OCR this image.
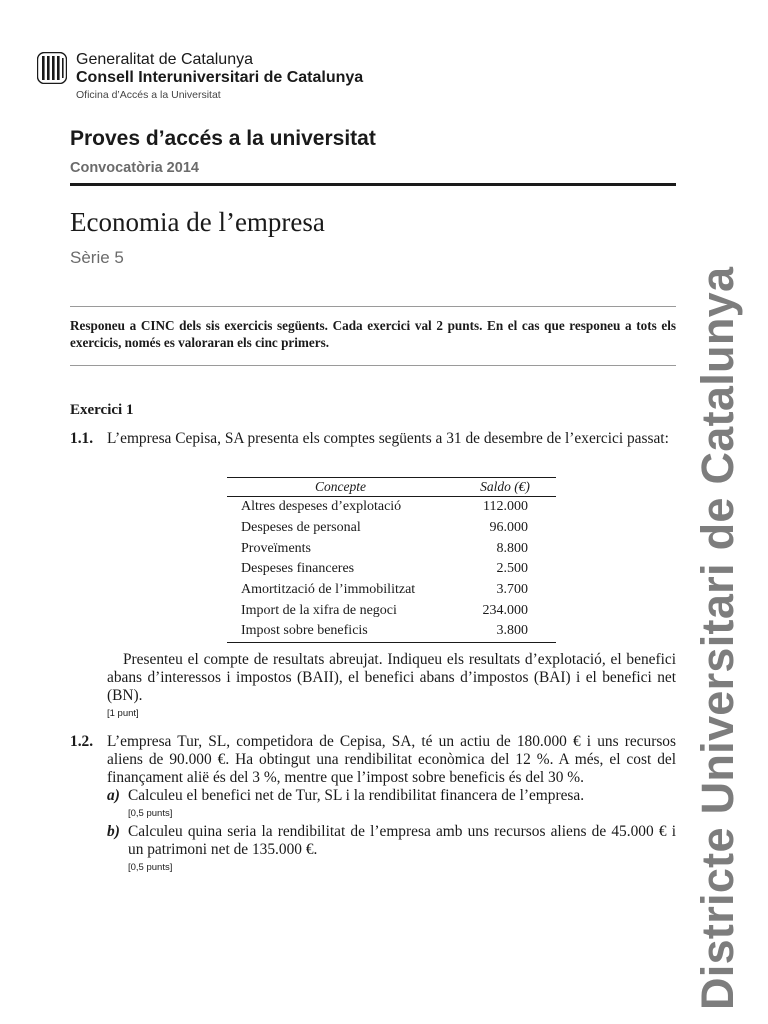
Generalitat de Catalunya
Consell Interuniversitari de Catalunya
Oficina d’Accés a la Universitat
Proves d’accés a la universitat
Convocatòria 2014
Economia de l’empresa
Sèrie 5
Responeu a CINC dels sis exercicis següents. Cada exercici val 2 punts. En el cas que responeu a tots els exercicis, només es valoraran els cinc primers.
Exercici 1
1.1. L’empresa Cepisa, SA presenta els comptes següents a 31 de desembre de l’exercici passat:
Concepte	Saldo (€)
Altres despeses d’explotació	112.000
Despeses de personal	96.000
Proveïments	8.800
Despeses financeres	2.500
Amortització de l’immobilitzat	3.700
Import de la xifra de negoci	234.000
Impost sobre beneficis	3.800
Presenteu el compte de resultats abreujat. Indiqueu els resultats d’explotació, el benefici abans d’interessos i impostos (BAII), el benefici abans d’impostos (BAI) i el benefici net (BN).
[1 punt]
1.2. L’empresa Tur, SL, competidora de Cepisa, SA, té un actiu de 180.000 € i uns recursos aliens de 90.000 €. Ha obtingut una rendibilitat econòmica del 12 %. A més, el cost del finançament alië és del 3 %, mentre que l’impost sobre beneficis és del 30 %.
a) Calculeu el benefici net de Tur, SL i la rendibilitat financera de l’empresa.
[0,5 punts]
b) Calculeu quina seria la rendibilitat de l’empresa amb uns recursos aliens de 45.000 € i un patrimoni net de 135.000 €.
[0,5 punts]	Districte Universitari de Catalunya
